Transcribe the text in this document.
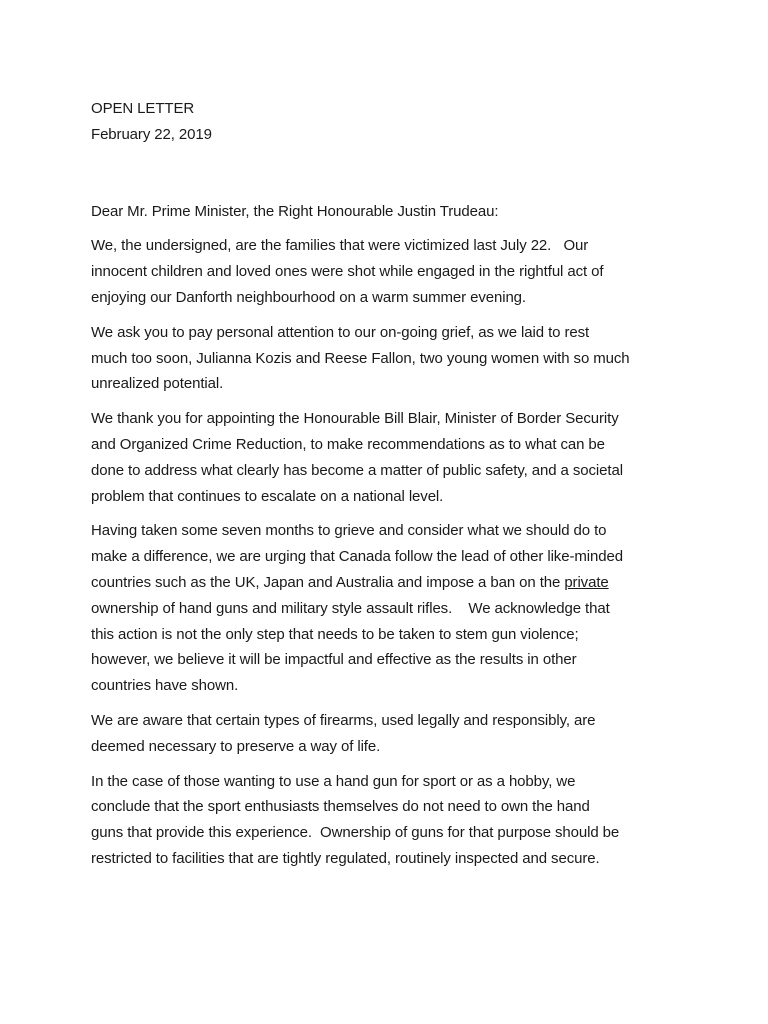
OPEN LETTER
February 22, 2019
Dear Mr. Prime Minister, the Right Honourable Justin Trudeau:
We, the undersigned, are the families that were victimized last July 22.   Our
innocent children and loved ones were shot while engaged in the rightful act of
enjoying our Danforth neighbourhood on a warm summer evening.
We ask you to pay personal attention to our on-going grief, as we laid to rest
much too soon, Julianna Kozis and Reese Fallon, two young women with so much
unrealized potential.
We thank you for appointing the Honourable Bill Blair, Minister of Border Security
and Organized Crime Reduction, to make recommendations as to what can be
done to address what clearly has become a matter of public safety, and a societal
problem that continues to escalate on a national level.
Having taken some seven months to grieve and consider what we should do to
make a difference, we are urging that Canada follow the lead of other like-minded
countries such as the UK, Japan and Australia and impose a ban on the private
ownership of hand guns and military style assault rifles.    We acknowledge that
this action is not the only step that needs to be taken to stem gun violence;
however, we believe it will be impactful and effective as the results in other
countries have shown.
We are aware that certain types of firearms, used legally and responsibly, are
deemed necessary to preserve a way of life.
In the case of those wanting to use a hand gun for sport or as a hobby, we
conclude that the sport enthusiasts themselves do not need to own the hand
guns that provide this experience.  Ownership of guns for that purpose should be
restricted to facilities that are tightly regulated, routinely inspected and secure.
